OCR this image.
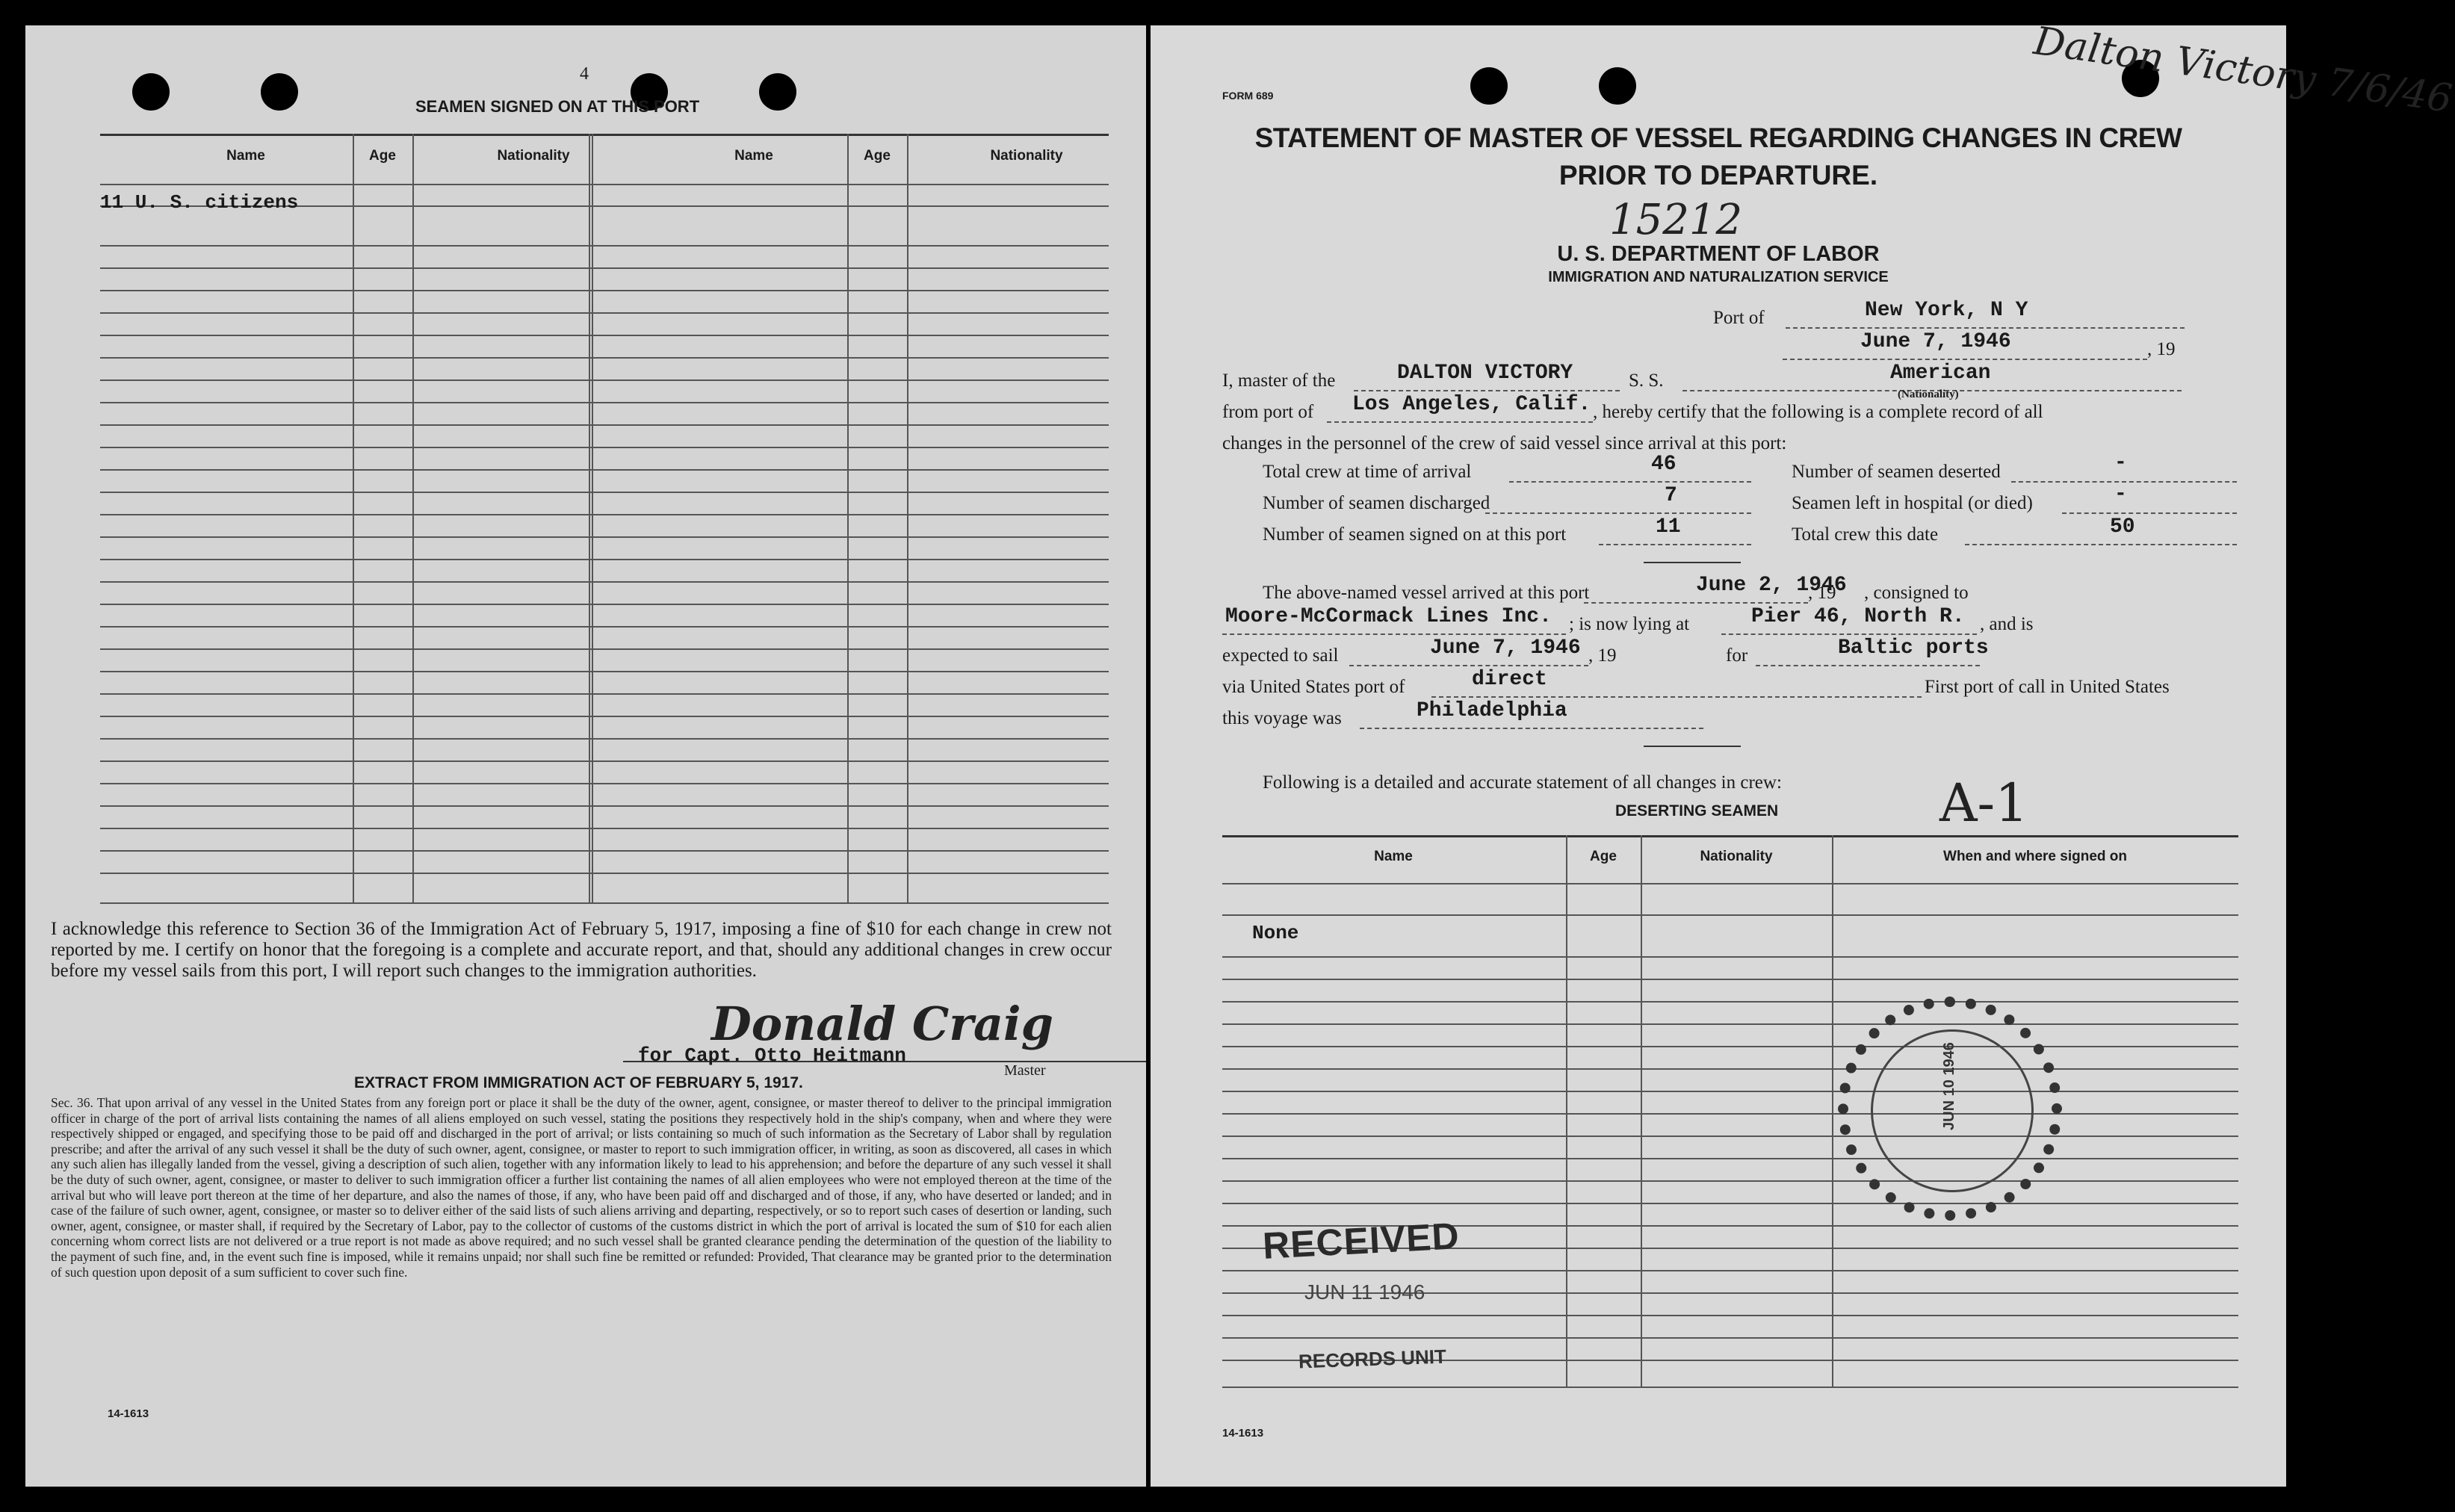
4
SEAMEN SIGNED ON AT THIS PORT
Name	Age	Nationality	Name	Age	Nationality
11 U. S. citizens
I acknowledge this reference to Section 36 of the Immigration Act of February 5, 1917, imposing a fine of $10 for each change in crew not reported by me. I certify on honor that the foregoing is a complete and accurate report, and that, should any additional changes in crew occur before my vessel sails from this port, I will report such changes to the immigration authorities.
Donald Craig
for Capt. Otto Heitmann
Master
EXTRACT FROM IMMIGRATION ACT OF FEBRUARY 5, 1917.
Sec. 36. That upon arrival of any vessel in the United States from any foreign port or place it shall be the duty of the owner, agent, consignee, or master thereof to deliver to the principal immigration officer in charge of the port of arrival lists containing the names of all aliens employed on such vessel, stating the positions they respectively hold in the ship's company, when and where they were respectively shipped or engaged, and specifying those to be paid off and discharged in the port of arrival; or lists containing so much of such information as the Secretary of Labor shall by regulation prescribe; and after the arrival of any such vessel it shall be the duty of such owner, agent, consignee, or master to report to such immigration officer, in writing, as soon as discovered, all cases in which any such alien has illegally landed from the vessel, giving a description of such alien, together with any information likely to lead to his apprehension; and before the departure of any such vessel it shall be the duty of such owner, agent, consignee, or master to deliver to such immigration officer a further list containing the names of all alien employees who were not employed thereon at the time of the arrival but who will leave port thereon at the time of her departure, and also the names of those, if any, who have been paid off and discharged and of those, if any, who have deserted or landed; and in case of the failure of such owner, agent, consignee, or master so to deliver either of the said lists of such aliens arriving and departing, respectively, or so to report such cases of desertion or landing, such owner, agent, consignee, or master shall, if required by the Secretary of Labor, pay to the collector of customs of the customs district in which the port of arrival is located the sum of $10 for each alien concerning whom correct lists are not delivered or a true report is not made as above required; and no such vessel shall be granted clearance pending the determination of the question of the liability to the payment of such fine, and, in the event such fine is imposed, while it remains unpaid; nor shall such fine be remitted or refunded: Provided, That clearance may be granted prior to the determination of such question upon deposit of a sum sufficient to cover such fine.
14-1613
FORM 689	Dalton Victory 7/6/46
STATEMENT OF MASTER OF VESSEL REGARDING CHANGES IN CREW
PRIOR TO DEPARTURE.
15212
U. S. DEPARTMENT OF LABOR
IMMIGRATION AND NATURALIZATION SERVICE
Port of	New York, N Y
June 7, 1946	, 19
I, master of the	DALTON VICTORY	S. S.	American
(Nationality)
from port of Los Angeles, Calif. , hereby certify that the following is a complete record of all
changes in the personnel of the crew of said vessel since arrival at this port:
Total crew at time of arrival	46
Number of seamen discharged	7
Number of seamen signed on at this port	11
Number of seamen deserted	-
Seamen left in hospital (or died)	-
Total crew this date	50
The above-named vessel arrived at this port	June 2, 1946
, 19      , consigned to
Moore-McCormack Lines Inc. ; is now lying at	Pier 46, North R. , and is
expected to sail	June 7, 1946 , 19	for	Baltic ports
via United States port of	direct	First port of call in United States
this voyage was	Philadelphia
Following is a detailed and accurate statement of all changes in crew:
DESERTING SEAMEN	A-1
Name	Age	Nationality	When and where signed on
None
RECEIVED
JUN 11 1946
RECORDS UNIT
JUN 10 1946
14-1613
